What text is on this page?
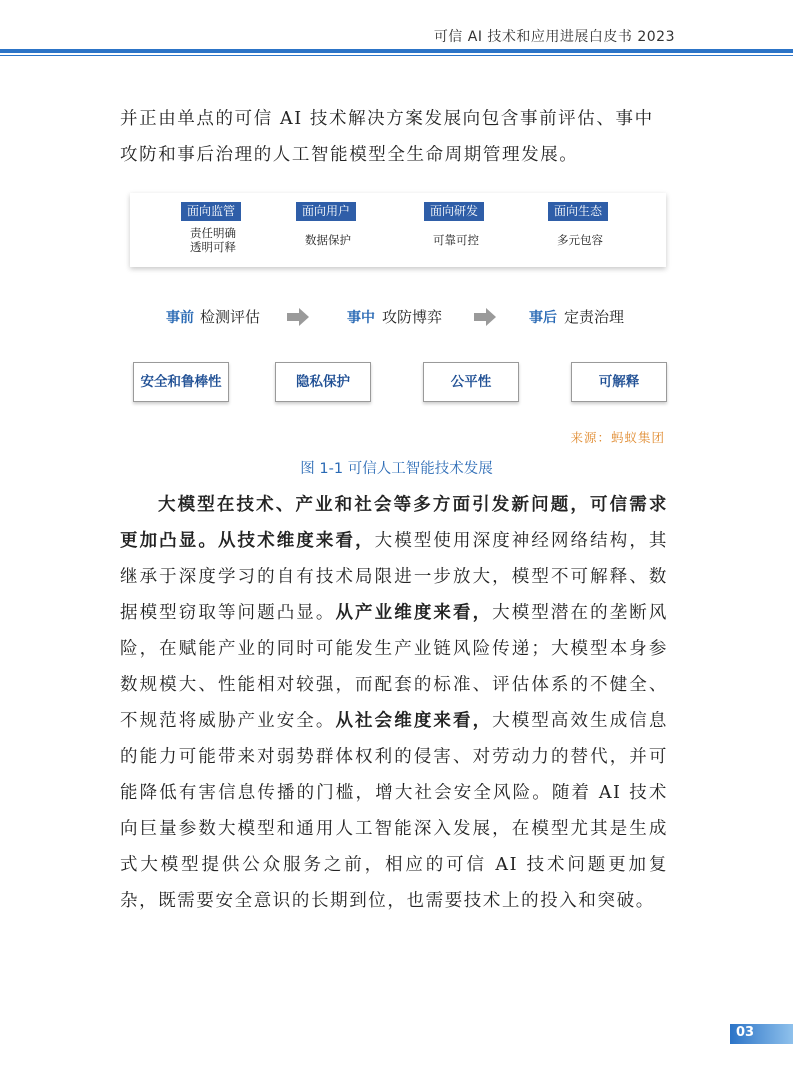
可信 AI 技术和应用进展白皮书 2023

并正由单点的可信 AI 技术解决方案发展向包含事前评估、事中攻防和事后治理的人工智能模型全生命周期管理发展。

面向监管
责任明确
透明可释
面向用户
数据保护
面向研发
可靠可控
面向生态
多元包容
事前 检测评估	事中 攻防博弈	事后 定责治理
安全和鲁棒性	隐私保护	公平性	可解释
来源：蚂蚁集团
图 1-1 可信人工智能技术发展

大模型在技术、产业和社会等多方面引发新问题，可信需求更加凸显。从技术维度来看，大模型使用深度神经网络结构，其继承于深度学习的自有技术局限进一步放大，模型不可解释、数据模型窃取等问题凸显。从产业维度来看，大模型潜在的垄断风险，在赋能产业的同时可能发生产业链风险传递；大模型本身参数规模大、性能相对较强，而配套的标准、评估体系的不健全、不规范将威胁产业安全。从社会维度来看，大模型高效生成信息的能力可能带来对弱势群体权利的侵害、对劳动力的替代，并可能降低有害信息传播的门槛，增大社会安全风险。随着 AI 技术向巨量参数大模型和通用人工智能深入发展，在模型尤其是生成式大模型提供公众服务之前，相应的可信 AI 技术问题更加复杂，既需要安全意识的长期到位，也需要技术上的投入和突破。

03
